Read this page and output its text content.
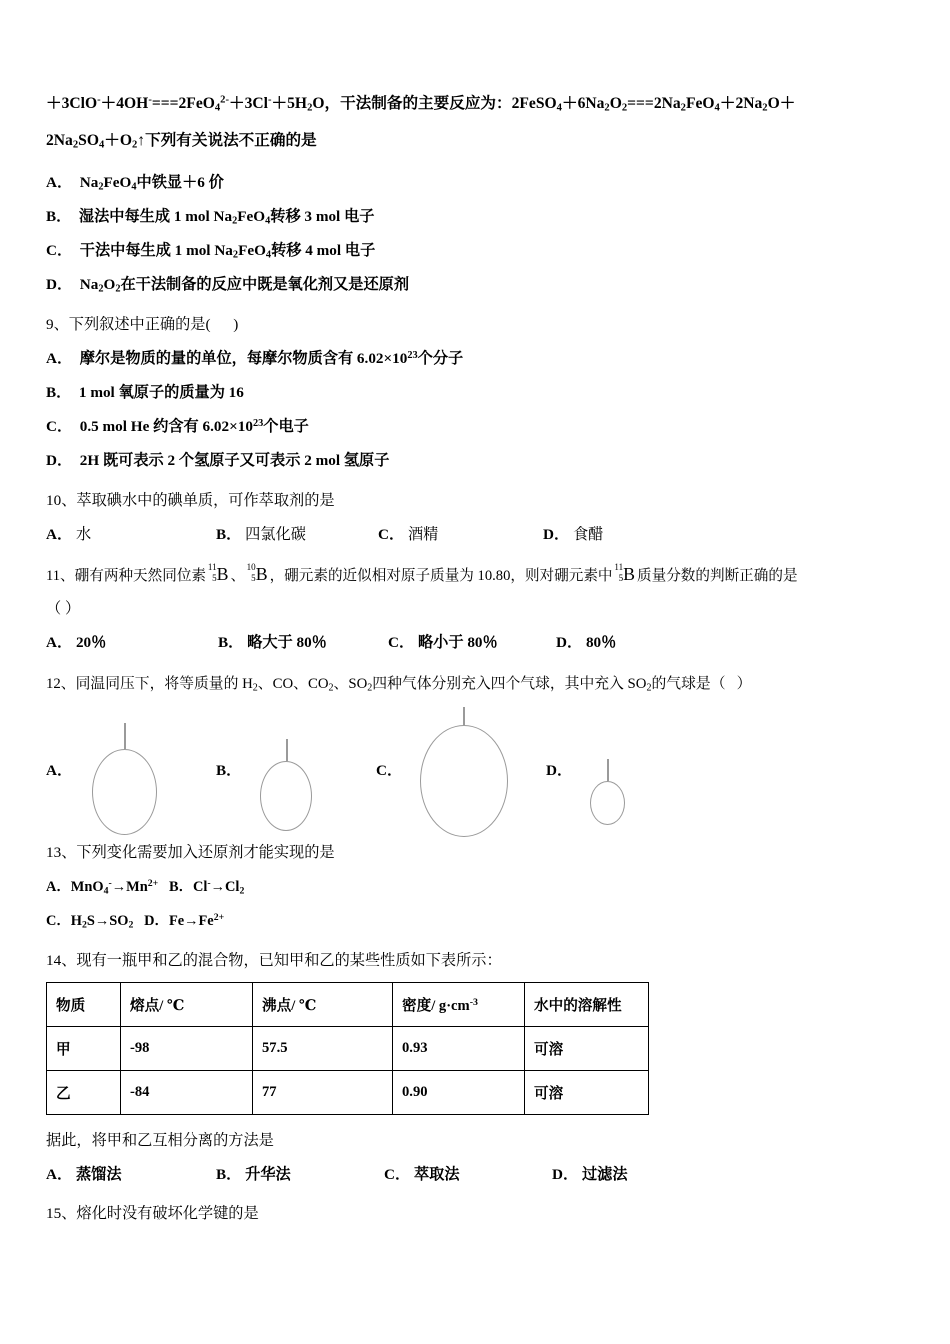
$+3ClO^-+4OH^-===2FeO_4^{2-}+3Cl^-+5H_2O$，干法制备的主要反应为：$2FeSO_4+6Na_2O_2===2Na_2FeO_4+2Na_2O+$
$2Na_2SO_4+O_2↑$下列有关说法不正确的是
A．  $Na_2FeO_4$中铁显＋6 价
B．  湿法中每生成 1 mol $Na_2FeO_4$转移 3 mol 电子
C．  干法中每生成 1 mol $Na_2FeO_4$转移 4 mol 电子
D．  $Na_2O_2$在干法制备的反应中既是氧化剂又是还原剂
9、下列叙述中正确的是(      )
A．  摩尔是物质的量的单位，每摩尔物质含有 $6.02\times 10^{23}$个分子
B．  1 mol 氧原子的质量为 16
C．  0.5 mol He 约含有 $6.02\times 10^{23}$个电子
D．  2H 既可表示 2 个氢原子又可表示 2 mol 氢原子
10、萃取碘水中的碘单质，可作萃取剂的是
A． 水	B． 四氯化碳	C． 酒精	D． 食醋
11、硼有两种天然同位素
11
5 B 、
10
5 B ，硼元素的近似相对原子质量为 10.80，则对硼元素中
11
5 B 质量分数的判断正确的是
（ ）
A． 20％	B． 略大于 80％	C． 略小于 80％	D． 80％
12、同温同压下，将等质量的 $H_2$、CO、$CO_2$、$SO_2$四种气体分别充入四个气球，其中充入 $SO_2$的气球是（   ）
A．	B．	C．	D．
13、下列变化需要加入还原剂才能实现的是
A．$MnO_4^-\to Mn^{2+}$ B．$Cl^-\to Cl_2$
C．$H_2S\to SO_2$ D．$Fe\to Fe^{2+}$
14、现有一瓶甲和乙的混合物，已知甲和乙的某些性质如下表所示：
物质	熔点/ ℃	沸点/ ℃	密度/ $g\cdot cm^{-3}$	水中的溶解性
甲	-98	57.5	0.93	可溶
乙	-84	77	0.90	可溶
据此，将甲和乙互相分离的方法是
A． 蒸馏法	B． 升华法	C． 萃取法	D． 过滤法
15、熔化时没有破坏化学键的是
